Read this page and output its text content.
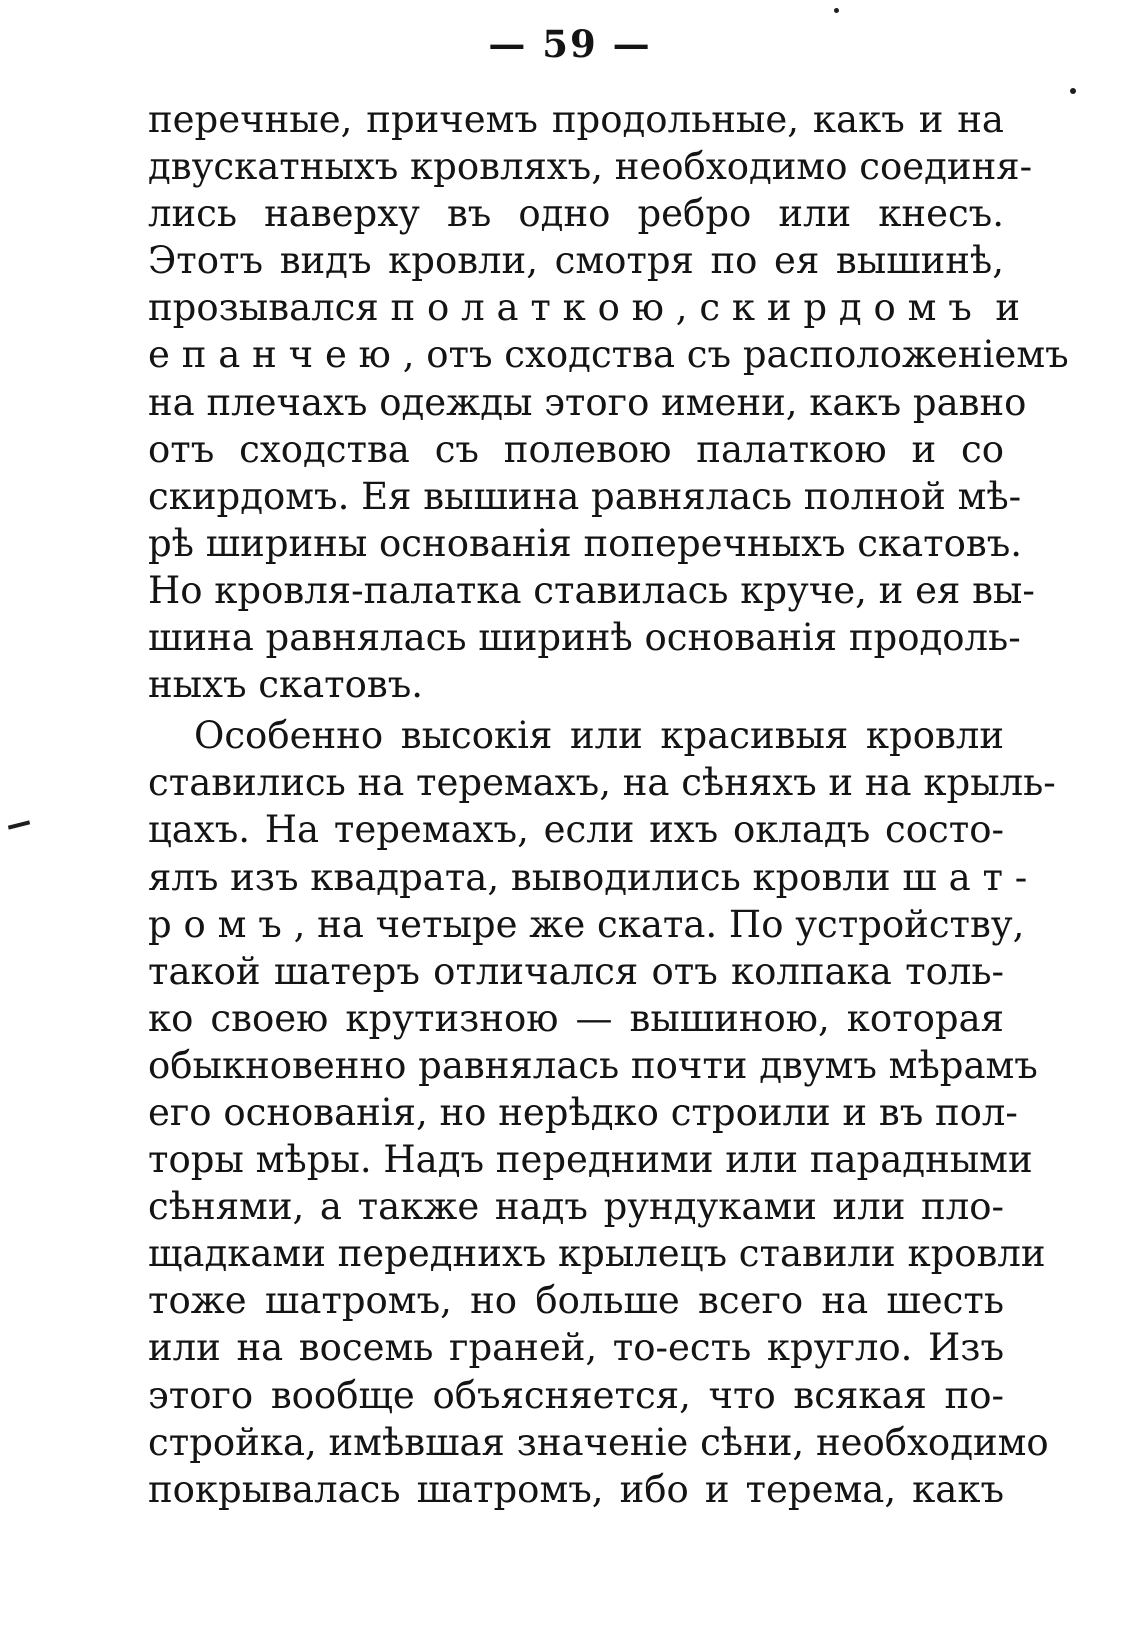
— 59 —
перечные, причемъ продольные, какъ и на
двускатныхъ кровляхъ, необходимо соединя-
лись наверху въ одно ребро или кнесъ.
Этотъ видъ кровли, смотря по ея вышинѣ,
прозывался полаткою, скирдомъ и
епанчею, отъ сходства съ расположеніемъ
на плечахъ одежды этого имени, какъ равно
отъ сходства съ полевою палаткою и со
скирдомъ. Ея вышина равнялась полной мѣ-
рѣ ширины основанія поперечныхъ скатовъ.
Но кровля-палатка ставилась круче, и ея вы-
шина равнялась ширинѣ основанія продоль-
ныхъ скатовъ.
Особенно высокія или красивыя кровли
ставились на теремахъ, на сѣняхъ и на крыль-
цахъ. На теремахъ, если ихъ окладъ состо-
ялъ изъ квадрата, выводились кровли шат-
ромъ, на четыре же ската. По устройству,
такой шатеръ отличался отъ колпака толь-
ко своею крутизною — вышиною, которая
обыкновенно равнялась почти двумъ мѣрамъ
его основанія, но нерѣдко строили и въ пол-
торы мѣры. Надъ передними или парадными
сѣнями, а также надъ рундуками или пло-
щадками переднихъ крылецъ ставили кровли
тоже шатромъ, но больше всего на шесть
или на восемь граней, то-есть кругло. Изъ
этого вообще объясняется, что всякая по-
стройка, имѣвшая значеніе сѣни, необходимо
покрывалась шатромъ, ибо и терема, какъ
